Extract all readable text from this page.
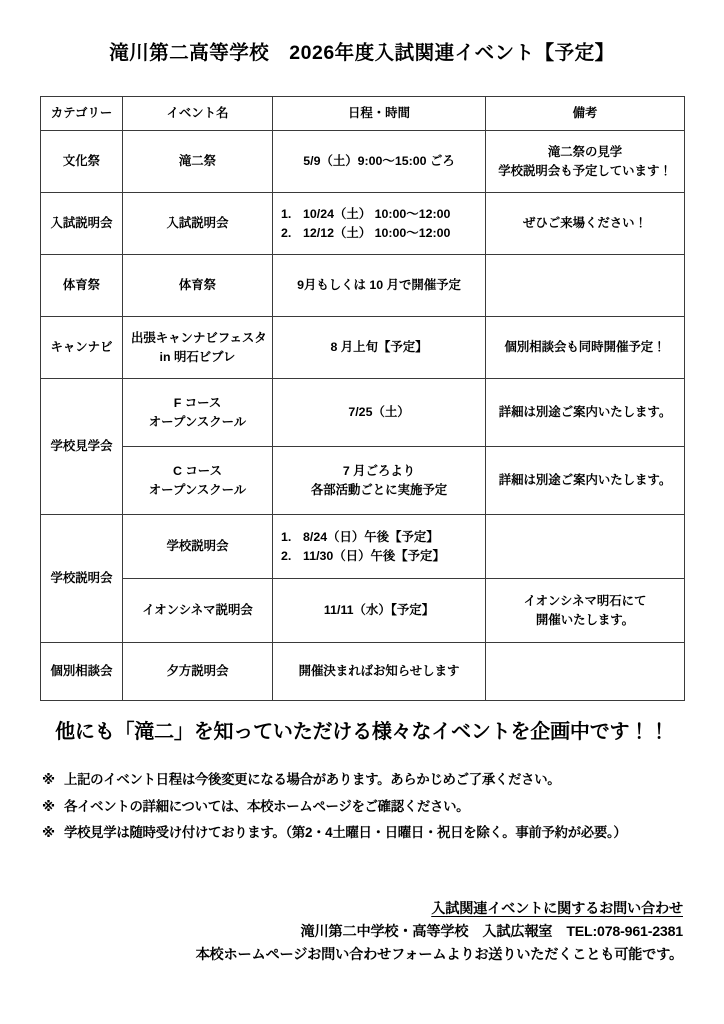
滝川第二高等学校　2026年度入試関連イベント【予定】
カテゴリー	イベント名	日程・時間	備考
文化祭	滝二祭	5/9（土）9:00～15:00 ごろ	滝二祭の見学
学校説明会も予定しています！

入試説明会	入試説明会	1. 10/24（土） 10:00～12:00 2. 12/12（土） 10:00～12:00	ぜひご来場ください！
体育祭	体育祭	9月もしくは 10 月で開催予定	
キャンナビ	出張キャンナビフェスタ
in 明石ビブレ	8 月上旬【予定】	個別相談会も同時開催予定！
学校見学会	F コース
オープンスクール	7/25（土）	詳細は別途ご案内いたします。

	C コース
オープンスクール	7 月ごろより
各部活動ごとに実施予定	詳細は別途ご案内いたします。
学校説明会	学校説明会	1. 8/24（日）午後【予定】 2. 11/30（日）午後【予定】	
	イオンシネマ説明会	11/11（水）【予定】	イオンシネマ明石にて
開催いたします。

個別相談会	夕方説明会	開催決まればお知らせします	
他にも「滝二」を知っていただける様々なイベントを企画中です！！
※ 上記のイベント日程は今後変更になる場合があります。あらかじめご了承ください。
※ 各イベントの詳細については、本校ホームページをご確認ください。
※ 学校見学は随時受け付けております。（第2・4土曜日・日曜日・祝日を除く。事前予約が必要。）
入試関連イベントに関するお問い合わせ
滝川第二中学校・高等学校 入試広報室 TEL:078-961-2381
本校ホームページお問い合わせフォームよりお送りいただくことも可能です。
